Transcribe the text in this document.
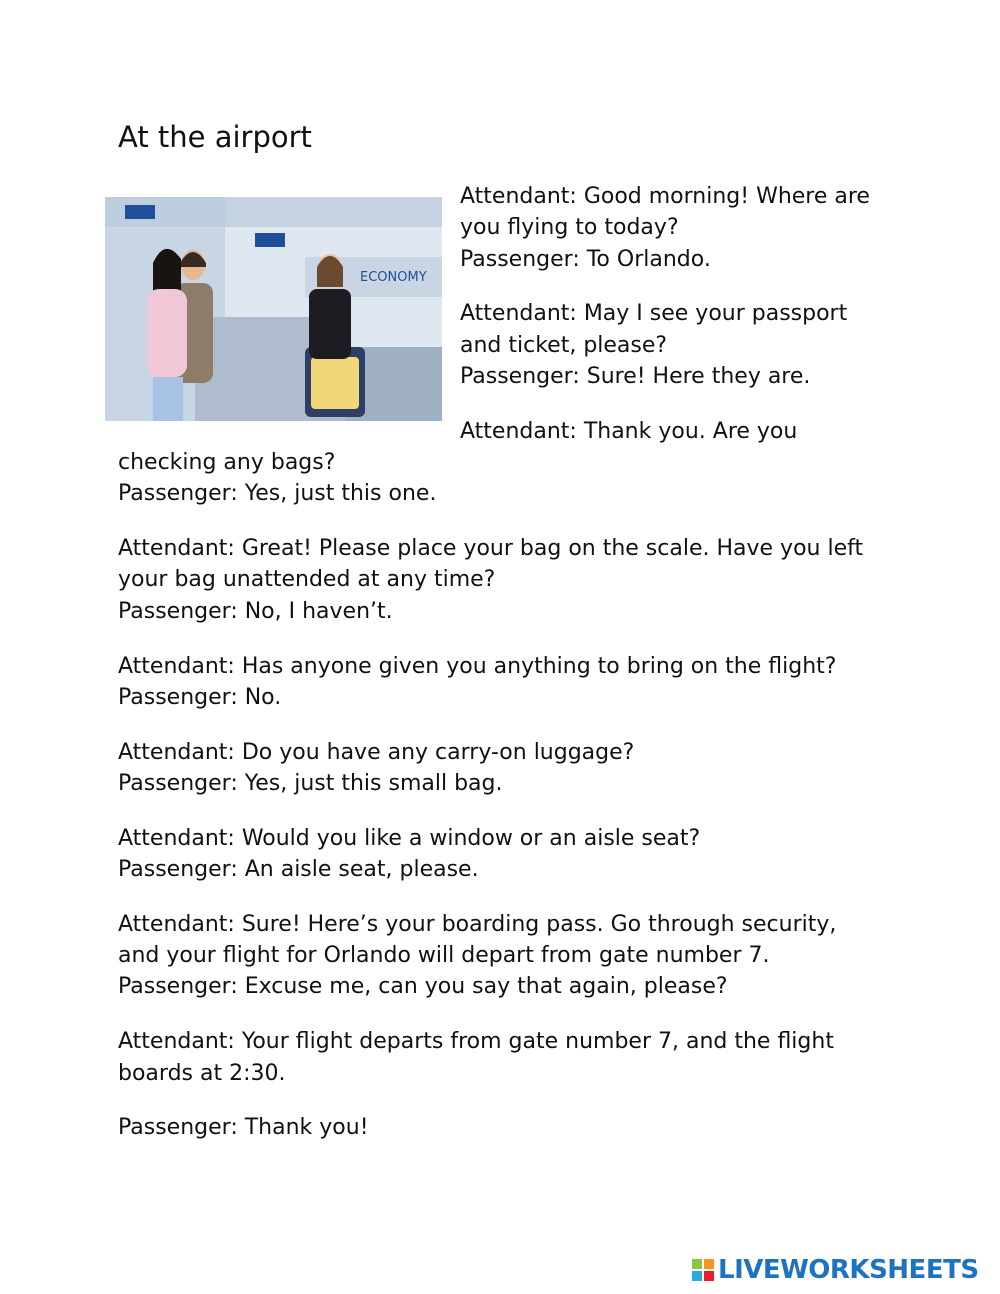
At the airport
ECONOMY

Attendant: Good morning! Where are you flying to today?
Passenger: To Orlando.

Attendant: May I see your passport and ticket, please?
Passenger: Sure! Here they are.

Attendant: Thank you. Are you checking any bags?
Passenger: Yes, just this one.

Attendant: Great! Please place your bag on the scale. Have you left your bag unattended at any time?
Passenger: No, I haven’t.

Attendant: Has anyone given you anything to bring on the flight?
Passenger: No.

Attendant: Do you have any carry-on luggage?
Passenger: Yes, just this small bag.

Attendant: Would you like a window or an aisle seat?
Passenger: An aisle seat, please.

Attendant: Sure! Here’s your boarding pass. Go through security, and your flight for Orlando will depart from gate number 7.
Passenger: Excuse me, can you say that again, please?

Attendant: Your flight departs from gate number 7, and the flight boards at 2:30.

Passenger: Thank you!

LIVEWORKSHEETS
